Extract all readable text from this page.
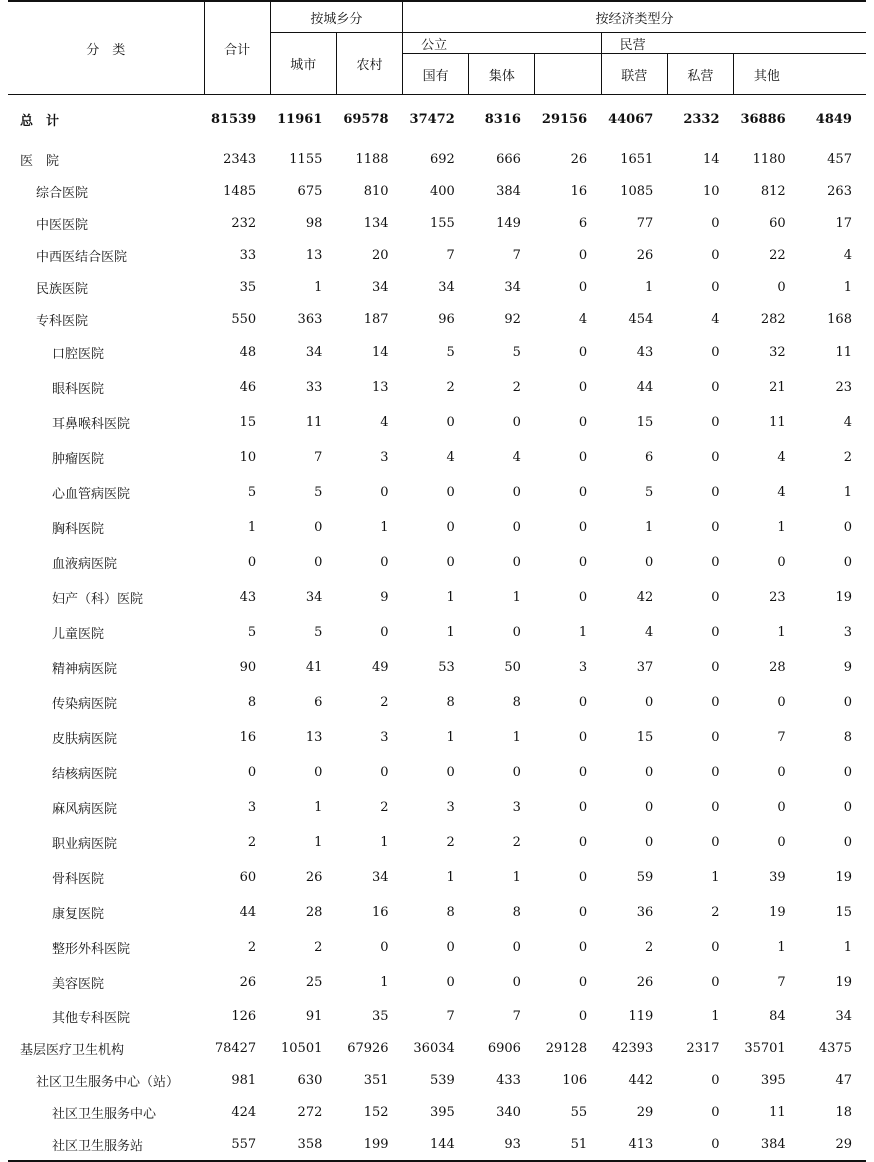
分　类	合计	按城乡分		按经济类型分						
		城市	农村	公立			民营			
				国有	集体		联营	私营	其他	
总　计	81539	11961	69578	37472	8316	29156	44067	2332	36886	4849
医　院	2343	1155	1188	692	666	26	1651	14	1180	457
综合医院	1485	675	810	400	384	16	1085	10	812	263
中医医院	232	98	134	155	149	6	77	0	60	17
中西医结合医院	33	13	20	7	7	0	26	0	22	4
民族医院	35	1	34	34	34	0	1	0	0	1
专科医院	550	363	187	96	92	4	454	4	282	168
口腔医院	48	34	14	5	5	0	43	0	32	11
眼科医院	46	33	13	2	2	0	44	0	21	23
耳鼻喉科医院	15	11	4	0	0	0	15	0	11	4
肿瘤医院	10	7	3	4	4	0	6	0	4	2
心血管病医院	5	5	0	0	0	0	5	0	4	1
胸科医院	1	0	1	0	0	0	1	0	1	0
血液病医院	0	0	0	0	0	0	0	0	0	0
妇产（科）医院	43	34	9	1	1	0	42	0	23	19
儿童医院	5	5	0	1	0	1	4	0	1	3
精神病医院	90	41	49	53	50	3	37	0	28	9
传染病医院	8	6	2	8	8	0	0	0	0	0
皮肤病医院	16	13	3	1	1	0	15	0	7	8
结核病医院	0	0	0	0	0	0	0	0	0	0
麻风病医院	3	1	2	3	3	0	0	0	0	0
职业病医院	2	1	1	2	2	0	0	0	0	0
骨科医院	60	26	34	1	1	0	59	1	39	19
康复医院	44	28	16	8	8	0	36	2	19	15
整形外科医院	2	2	0	0	0	0	2	0	1	1
美容医院	26	25	1	0	0	0	26	0	7	19
其他专科医院	126	91	35	7	7	0	119	1	84	34
基层医疗卫生机构	78427	10501	67926	36034	6906	29128	42393	2317	35701	4375
社区卫生服务中心（站）	981	630	351	539	433	106	442	0	395	47
社区卫生服务中心	424	272	152	395	340	55	29	0	11	18
社区卫生服务站	557	358	199	144	93	51	413	0	384	29
